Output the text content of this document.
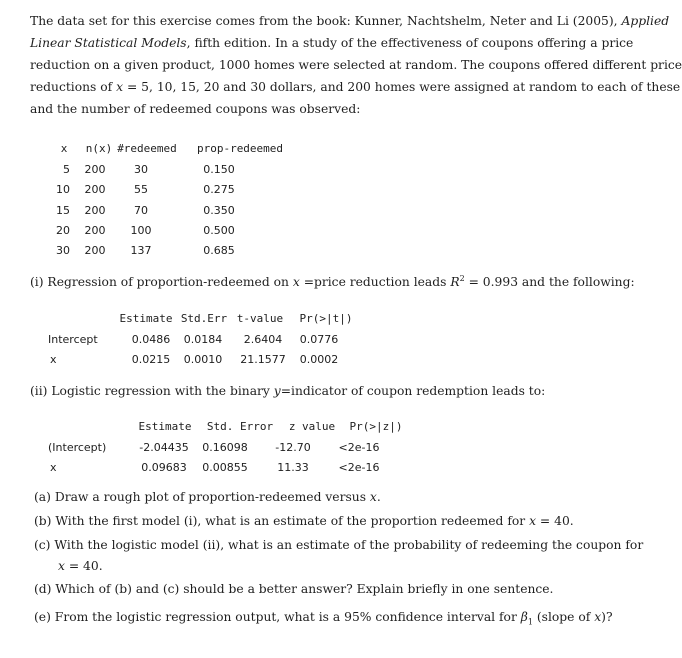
The data set for this exercise comes from the book: Kunner, Nachtshelm, Neter and Li (2005), Applied
Linear Statistical Models, fifth edition. In a study of the effectiveness of coupons offering a price
reduction on a given product, 1000 homes were selected at random. The coupons offered different price
reductions of x = 5, 10, 15, 20 and 30 dollars, and 200 homes were assigned at random to each of these
and the number of redeemed coupons was observed:
x	n(x) #redeemed prop-redeemed
5 200	30	0.150
10 200	55	0.275
15 200	70	0.350
20 200 100	0.500
30 200 137	0.685
(i) Regression of proportion-redeemed on x =price reduction leads $R^2 = 0.993$ and the following:
Estimate Std.Err t-value	Pr(>|t|)
Intercept	0.0486	0.0184	2.6404	0.0776
x	0.0215	0.0010	21.1577	0.0002
(ii) Logistic regression with the binary y=indicator of coupon redemption leads to:
Estimate	Std. Error	z value	Pr(>|z|)
(Intercept)	-2.04435	0.16098	-12.70	<2e-16
x	0.09683	0.00855	11.33	<2e-16
(a) Draw a rough plot of proportion-redeemed versus x.
(b) With the first model (i), what is an estimate of the proportion redeemed for x = 40.
(c) With the logistic model (ii), what is an estimate of the probability of redeeming the coupon for
x = 40.
(d) Which of (b) and (c) should be a better answer? Explain briefly in one sentence.
(e) From the logistic regression output, what is a 95% confidence interval for $\beta_1$ (slope of x)?
